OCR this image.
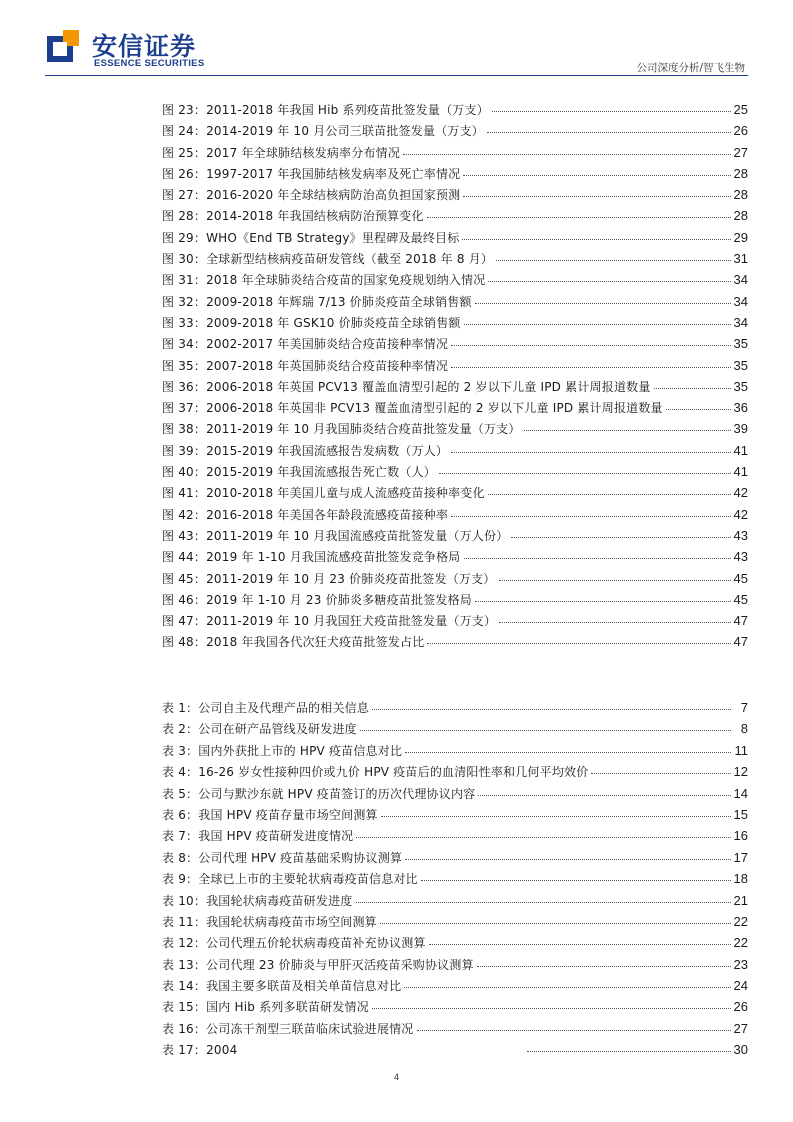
安信证券
ESSENCE SECURITIES	公司深度分析/智飞生物
图 23：2011-2018 年我国 Hib 系列疫苗批签发量（万支）	25
图 24：2014-2019 年 10 月公司三联苗批签发量（万支）	26
图 25：2017 年全球肺结核发病率分布情况	27
图 26：1997-2017 年我国肺结核发病率及死亡率情况	28
图 27：2016-2020 年全球结核病防治高负担国家预测	28
图 28：2014-2018 年我国结核病防治预算变化	28
图 29：WHO《End TB Strategy》里程碑及最终目标	29
图 30：全球新型结核病疫苗研发管线（截至 2018 年 8 月）	31
图 31：2018 年全球肺炎结合疫苗的国家免疫规划纳入情况	34
图 32：2009-2018 年辉瑞 7/13 价肺炎疫苗全球销售额	34
图 33：2009-2018 年 GSK10 价肺炎疫苗全球销售额	34
图 34：2002-2017 年美国肺炎结合疫苗接种率情况	35
图 35：2007-2018 年英国肺炎结合疫苗接种率情况	35
图 36：2006-2018 年英国 PCV13 覆盖血清型引起的 2 岁以下儿童 IPD 累计周报道数量	35
图 37：2006-2018 年英国非 PCV13 覆盖血清型引起的 2 岁以下儿童 IPD 累计周报道数量	36
图 38：2011-2019 年 10 月我国肺炎结合疫苗批签发量（万支）	39
图 39：2015-2019 年我国流感报告发病数（万人）	41
图 40：2015-2019 年我国流感报告死亡数（人）	41
图 41：2010-2018 年美国儿童与成人流感疫苗接种率变化	42
图 42：2016-2018 年美国各年龄段流感疫苗接种率	42
图 43：2011-2019 年 10 月我国流感疫苗批签发量（万人份）	43
图 44：2019 年 1-10 月我国流感疫苗批签发竞争格局	43
图 45：2011-2019 年 10 月 23 价肺炎疫苗批签发（万支）	45
图 46：2019 年 1-10 月 23 价肺炎多糖疫苗批签发格局	45
图 47：2011-2019 年 10 月我国狂犬疫苗批签发量（万支）	47
图 48：2018 年我国各代次狂犬疫苗批签发占比	47
表 1：公司自主及代理产品的相关信息	7
表 2：公司在研产品管线及研发进度	8
表 3：国内外获批上市的 HPV 疫苗信息对比	11
表 4：16-26 岁女性接种四价或九价 HPV 疫苗后的血清阳性率和几何平均效价	12
表 5：公司与默沙东就 HPV 疫苗签订的历次代理协议内容	14
表 6：我国 HPV 疫苗存量市场空间测算	15
表 7：我国 HPV 疫苗研发进度情况	16
表 8：公司代理 HPV 疫苗基础采购协议测算	17
表 9：全球已上市的主要轮状病毒疫苗信息对比	18
表 10：我国轮状病毒疫苗研发进度	21
表 11：我国轮状病毒疫苗市场空间测算	22
表 12：公司代理五价轮状病毒疫苗补充协议测算	22
表 13：公司代理 23 价肺炎与甲肝灭活疫苗采购协议测算	23
表 14：我国主要多联苗及相关单苗信息对比	24
表 15：国内 Hib 系列多联苗研发情况	26
表 16：公司冻干剂型三联苗临床试验进展情况	27
表 17：2004	30
4
